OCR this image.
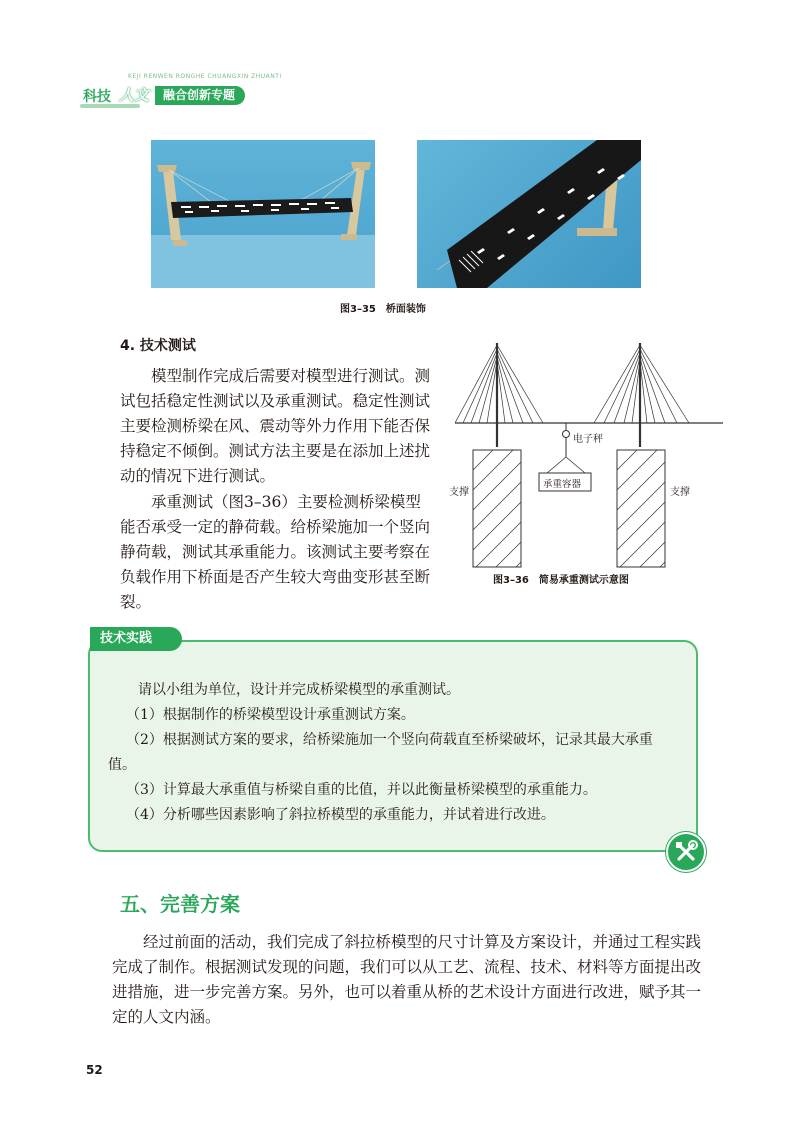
KEJI RENWEN RONGHE CHUANGXIN ZHUANTI
科技 人文	融合创新专题
图3–35　桥面装饰
4. 技术测试
模型制作完成后需要对模型进行测试。测试包括稳定性测试以及承重测试。稳定性测试主要检测桥梁在风、震动等外力作用下能否保持稳定不倾倒。测试方法主要是在添加上述扰动的情况下进行测试。
承重测试（图3–36）主要检测桥梁模型能否承受一定的静荷载。给桥梁施加一个竖向静荷载，测试其承重能力。该测试主要考察在负载作用下桥面是否产生较大弯曲变形甚至断裂。
电子秤
承重容器
支撑	支撑
图3–36　简易承重测试示意图
技术实践
请以小组为单位，设计并完成桥梁模型的承重测试。
（1）根据制作的桥梁模型设计承重测试方案。
（2）根据测试方案的要求，给桥梁施加一个竖向荷载直至桥梁破坏，记录其最大承重值。
（3）计算最大承重值与桥梁自重的比值，并以此衡量桥梁模型的承重能力。
（4）分析哪些因素影响了斜拉桥模型的承重能力，并试着进行改进。
五、完善方案
经过前面的活动，我们完成了斜拉桥模型的尺寸计算及方案设计，并通过工程实践完成了制作。根据测试发现的问题，我们可以从工艺、流程、技术、材料等方面提出改进措施，进一步完善方案。另外，也可以着重从桥的艺术设计方面进行改进，赋予其一定的人文内涵。
52
